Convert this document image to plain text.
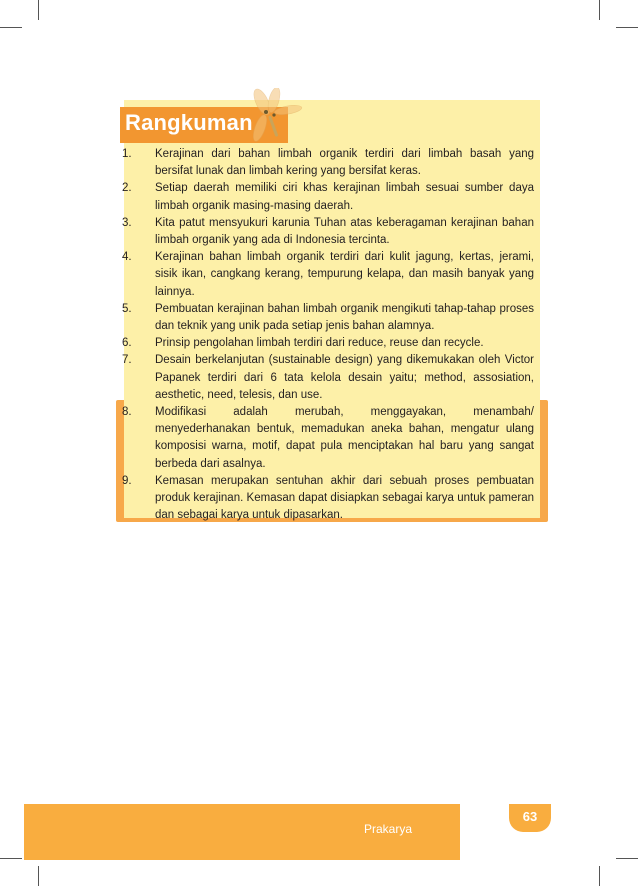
Rangkuman
1.	Kerajinan dari bahan limbah organik terdiri dari limbah basah yang bersifat lunak dan limbah kering yang bersifat keras.
2.	Setiap daerah memiliki ciri khas kerajinan limbah sesuai sumber daya limbah organik masing-masing daerah.
3.	Kita patut mensyukuri karunia Tuhan atas keberagaman kerajinan bahan limbah organik yang ada di Indonesia tercinta.
4.	Kerajinan bahan limbah organik terdiri dari kulit jagung, kertas, jerami, sisik ikan, cangkang kerang, tempurung kelapa, dan masih banyak yang lainnya.
5.	Pembuatan kerajinan bahan limbah organik mengikuti tahap-tahap proses dan teknik yang unik pada setiap jenis bahan alamnya.
6.	Prinsip pengolahan limbah terdiri dari reduce, reuse dan recycle.
7.	Desain berkelanjutan (sustainable design) yang dikemukakan oleh Victor Papanek terdiri dari 6 tata kelola desain yaitu; method, assosiation, aesthetic, need, telesis, dan use.
8.	Modifikasi adalah merubah, menggayakan, menambah/ menyederhanakan bentuk, memadukan aneka bahan, mengatur ulang komposisi warna, motif, dapat pula menciptakan hal baru yang sangat berbeda dari asalnya.
9.	Kemasan merupakan sentuhan akhir dari sebuah proses pembuatan produk kerajinan. Kemasan dapat disiapkan sebagai karya untuk pameran dan sebagai karya untuk dipasarkan.
Prakarya
63
